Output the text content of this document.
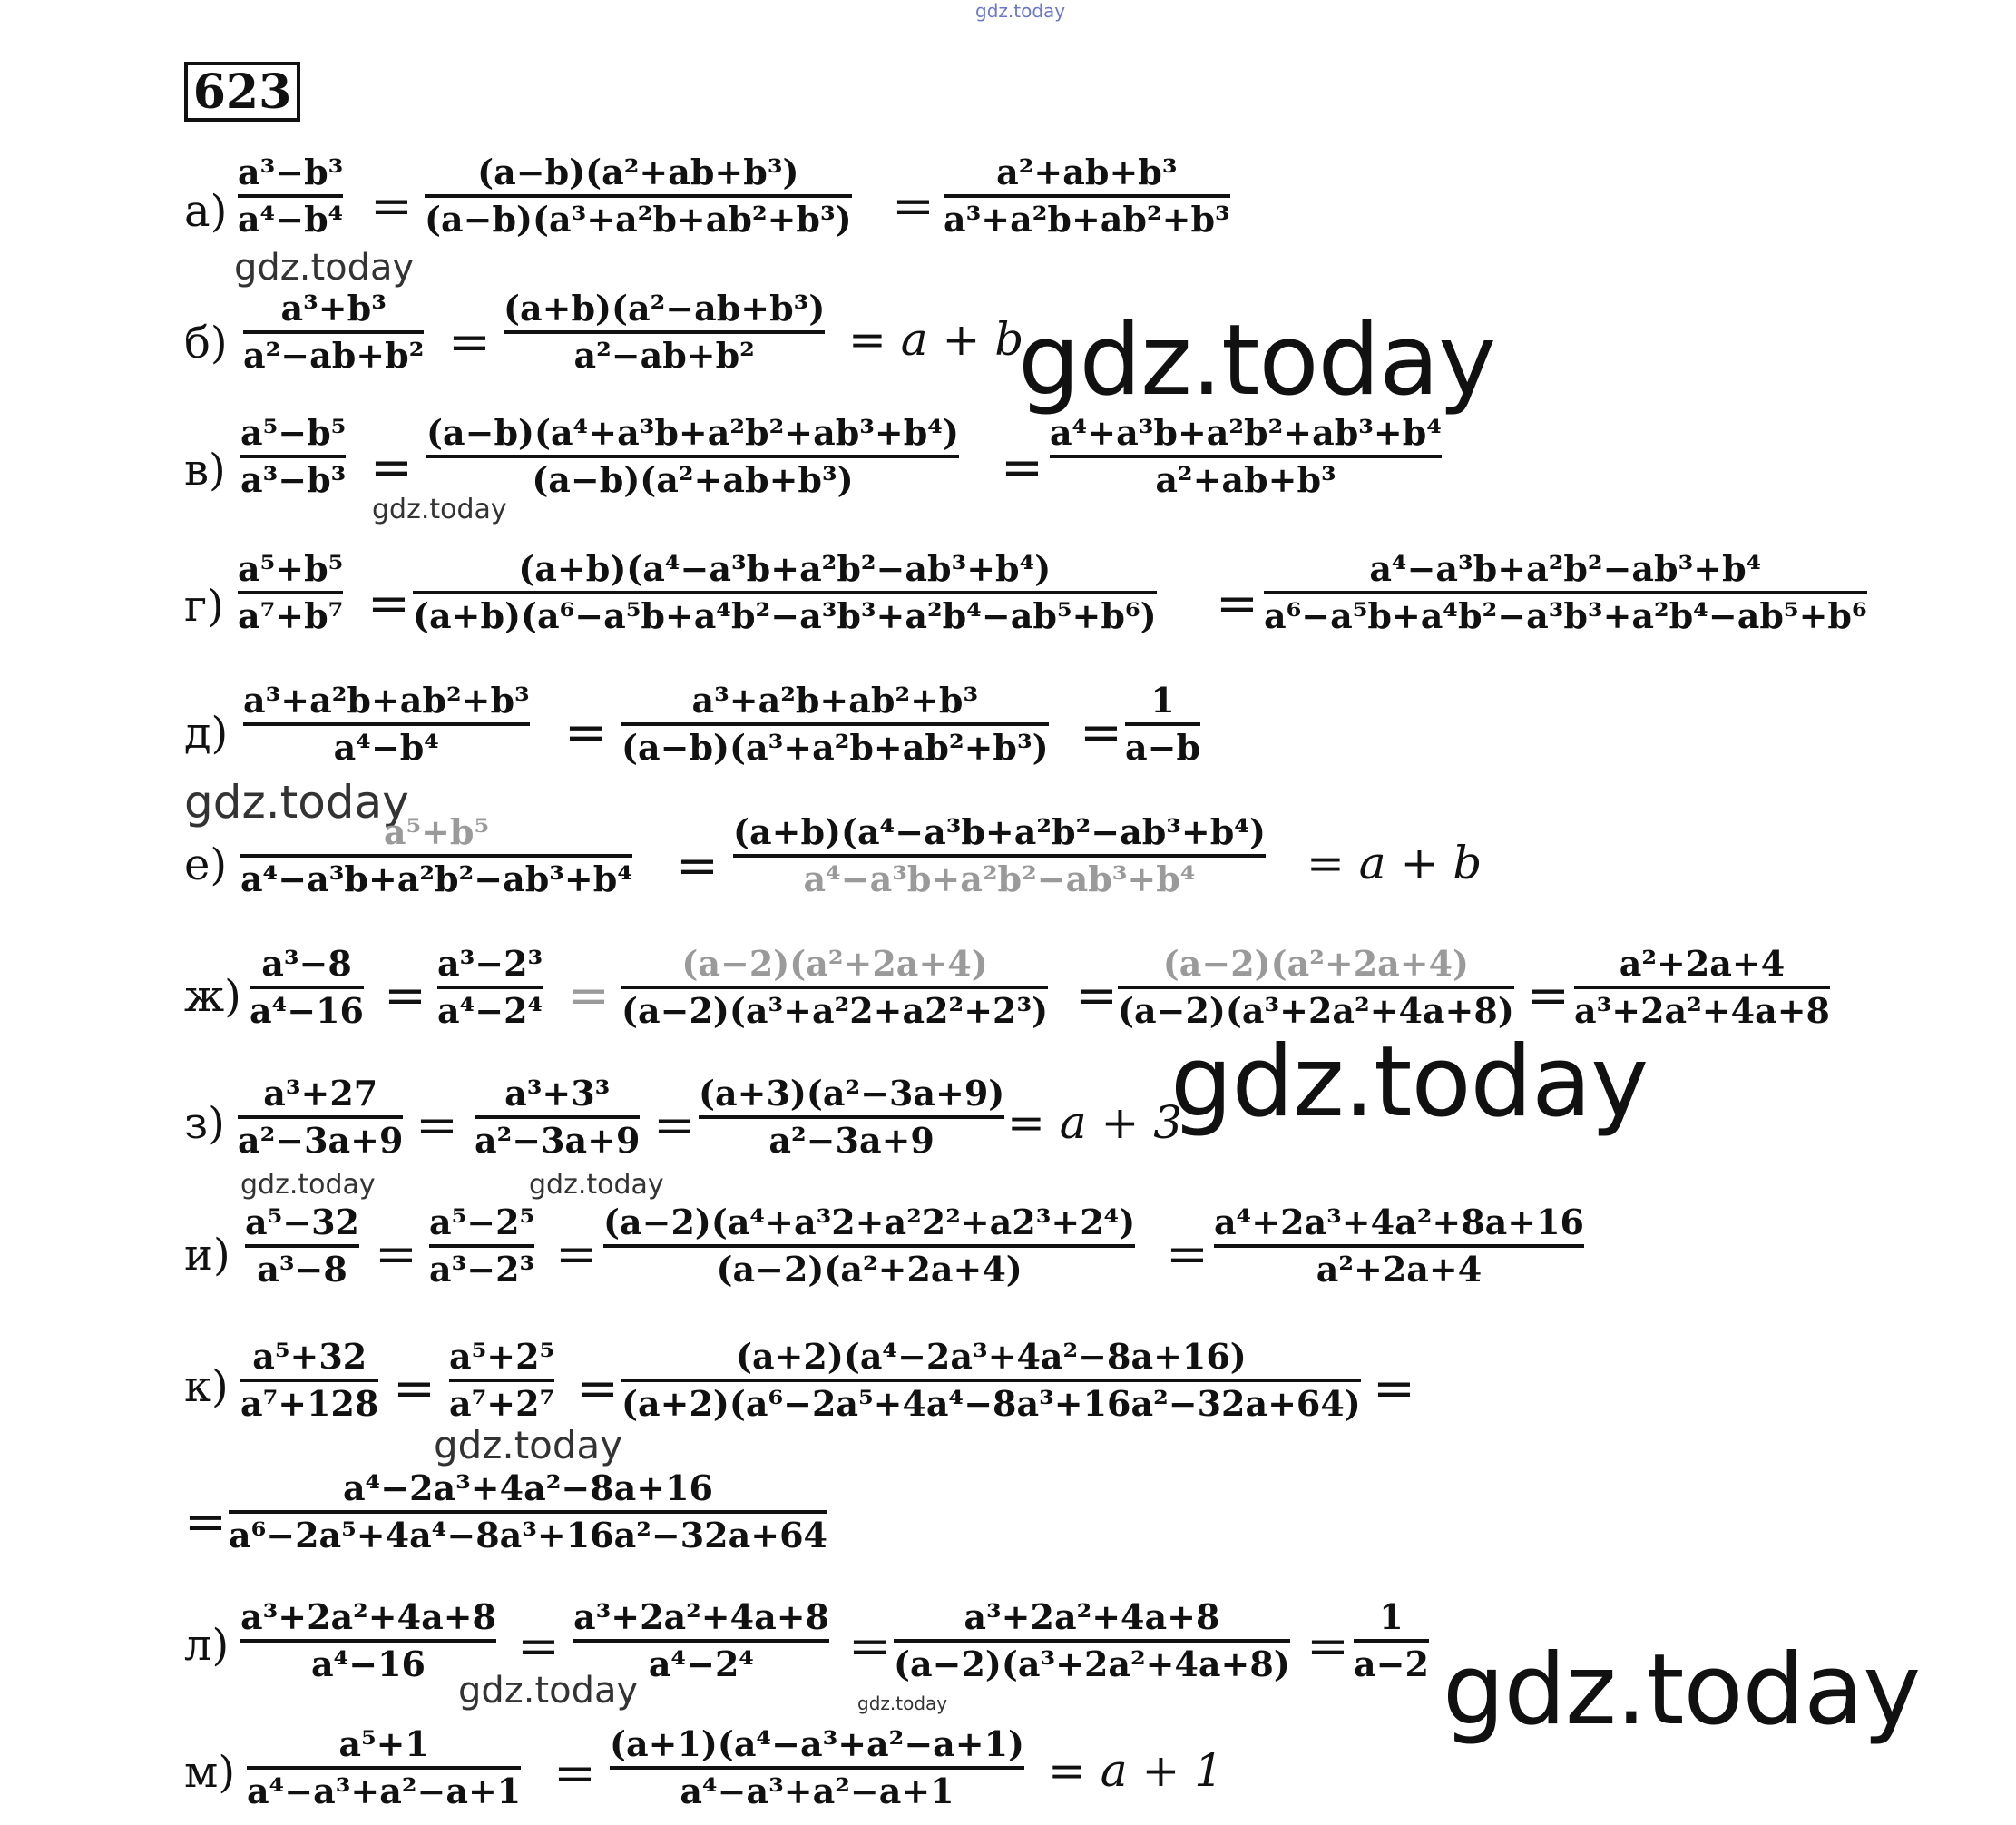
gdz.today
623
а)
a³−b³
a⁴−b⁴ =
(a−b)(a²+ab+b³)
(a−b)(a³+a²b+ab²+b³) =
a²+ab+b³
a³+a²b+ab²+b³
gdz.today
б)
a³+b³
a²−ab+b² =
(a+b)(a²−ab+b³)
a²−ab+b² = a + b
gdz.today
в)
a⁵−b⁵
a³−b³ =
(a−b)(a⁴+a³b+a²b²+ab³+b⁴)
(a−b)(a²+ab+b³)	=
a⁴+a³b+a²b²+ab³+b⁴
a²+ab+b³
gdz.today
г)
a⁵+b⁵
a⁷+b⁷ =
(a+b)(a⁴−a³b+a²b²−ab³+b⁴)
(a+b)(a⁶−a⁵b+a⁴b²−a³b³+a²b⁴−ab⁵+b⁶) =
a⁴−a³b+a²b²−ab³+b⁴
a⁶−a⁵b+a⁴b²−a³b³+a²b⁴−ab⁵+b⁶
д)
a³+a²b+ab²+b³
a⁴−b⁴ =
a³+a²b+ab²+b³
(a−b)(a³+a²b+ab²+b³) =
1
a−b
gdz.today
е)
a⁵+b⁵
a⁴−a³b+a²b²−ab³+b⁴ =
(a+b)(a⁴−a³b+a²b²−ab³+b⁴)
a⁴−a³b+a²b²−ab³+b⁴ = a + b
ж)
a³−8
a⁴−16 =
a³−2³
a⁴−2⁴ =
(a−2)(a²+2a+4)
(a−2)(a³+a²2+a2²+2³) =
(a−2)(a²+2a+4)
(a−2)(a³+2a²+4a+8) =
a²+2a+4
a³+2a²+4a+8
з)
a³+27
a²−3a+9 =
a³+3³
a²−3a+9 =
(a+3)(a²−3a+9)
a²−3a+9 = a + 3
gdz.today
gdz.today	gdz.today
и)
a⁵−32
a³−8 =
a⁵−2⁵
a³−2³ =
(a−2)(a⁴+a³2+a²2²+a2³+2⁴)
(a−2)(a²+2a+4)	=
a⁴+2a³+4a²+8a+16
a²+2a+4
к)
a⁵+32
a⁷+128 =
a⁵+2⁵
a⁷+2⁷ =
(a+2)(a⁴−2a³+4a²−8a+16)
(a+2)(a⁶−2a⁵+4a⁴−8a³+16a²−32a+64) =
gdz.today
=
a⁴−2a³+4a²−8a+16
a⁶−2a⁵+4a⁴−8a³+16a²−32a+64
л)
a³+2a²+4a+8
a⁴−16 =
a³+2a²+4a+8
a⁴−2⁴ =
a³+2a²+4a+8
(a−2)(a³+2a²+4a+8) =
1
a−2
gdz.today	gdz.today	gdz.today
м)
a⁵+1
a⁴−a³+a²−a+1 =
(a+1)(a⁴−a³+a²−a+1)
a⁴−a³+a²−a+1 = a + 1
